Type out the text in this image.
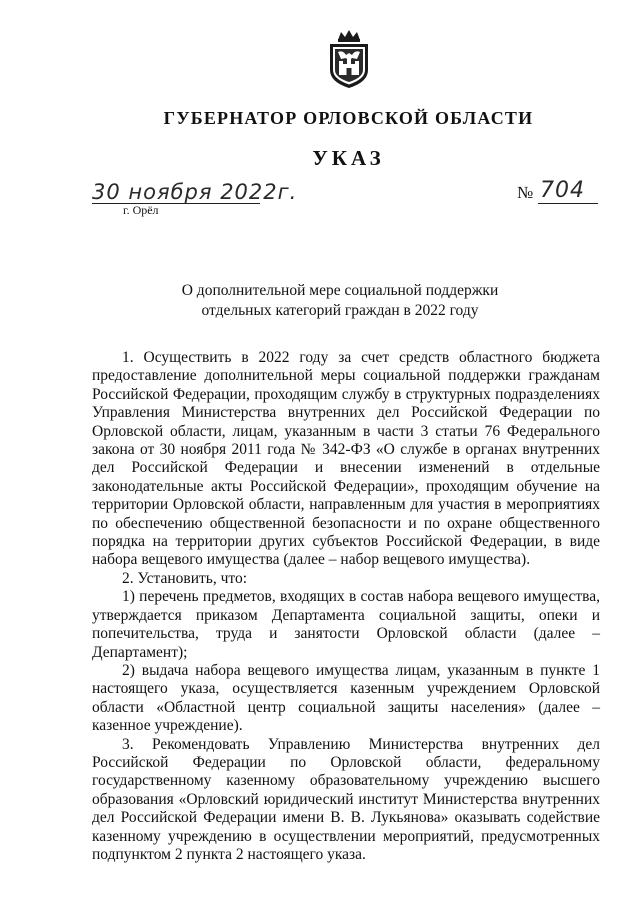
ГУБЕРНАТОР ОРЛОВСКОЙ ОБЛАСТИ
УКАЗ
30 ноября 2022г.
г. Орёл
№ 704
О дополнительной мере социальной поддержки
отдельных категорий граждан в 2022 году

1. Осуществить в 2022 году за счет средств областного бюджета предоставление дополнительной меры социальной поддержки гражданам Российской Федерации, проходящим службу в структурных подразделениях Управления Министерства внутренних дел Российской Федерации по Орловской области, лицам, указанным в части 3 статьи 76 Федерального закона от 30 ноября 2011 года № 342-ФЗ «О службе в органах внутренних дел Российской Федерации и внесении изменений в отдельные законодательные акты Российской Федерации», проходящим обучение на территории Орловской области, направленным для участия в мероприятиях по обеспечению общественной безопасности и по охране общественного порядка на территории других субъектов Российской Федерации, в виде набора вещевого имущества (далее – набор вещевого имущества).

2. Установить, что:

1) перечень предметов, входящих в состав набора вещевого имущества, утверждается приказом Департамента социальной защиты, опеки и попечительства, труда и занятости Орловской области (далее – Департамент);

2) выдача набора вещевого имущества лицам, указанным в пункте 1 настоящего указа, осуществляется казенным учреждением Орловской области «Областной центр социальной защиты населения» (далее – казенное учреждение).

3. Рекомендовать Управлению Министерства внутренних дел Российской Федерации по Орловской области, федеральному государственному казенному образовательному учреждению высшего образования «Орловский юридический институт Министерства внутренних дел Российской Федерации имени В. В. Лукьянова» оказывать содействие казенному учреждению в осуществлении мероприятий, предусмотренных подпунктом 2 пункта 2 настоящего указа.
